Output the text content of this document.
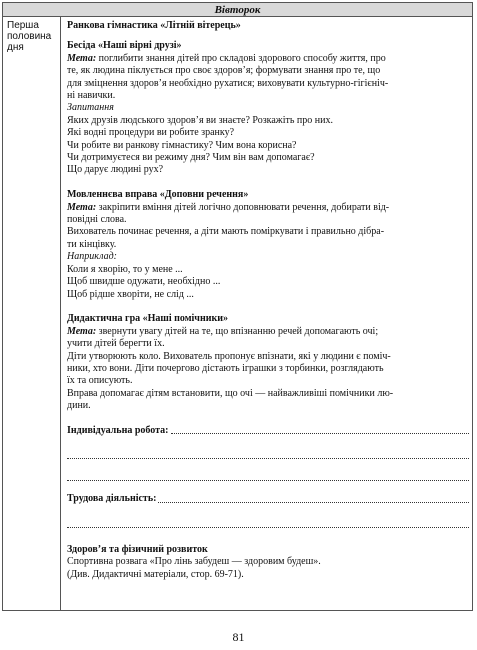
Вівторок
Перша
половина
дня
Ранкова гімнастика «Літній вітерець»
Бесіда «Наші вірні друзі»
Мета: поглибити знання дітей про складові здорового способу життя, про
те, як людина піклується про своє здоров’я; формувати знання про те, що
для зміцнення здоров’я необхідно рухатися; виховувати культурно-гігієніч-
ні навички.
Запитання
Яких друзів людського здоров’я ви знаєте? Розкажіть про них.
Які водні процедури ви робите зранку?
Чи робите ви ранкову гімнастику? Чим вона корисна?
Чи дотримуєтеся ви режиму дня? Чим він вам допомагає?
Що дарує людині рух?
Мовленнєва вправа «Доповни речення»
Мета: закріпити вміння дітей логічно доповнювати речення, добирати від-
повідні слова.
Вихователь починає речення, а діти мають поміркувати і правильно дібра-
ти кінцівку.
Наприклад:
Коли я хворію, то у мене ...
Щоб швидше одужати, необхідно ...
Щоб рідше хворіти, не слід ...
Дидактична гра «Наші помічники»
Мета: звернути увагу дітей на те, що впізнанню речей допомагають очі;
учити дітей берегти їх.
Діти утворюють коло. Вихователь пропонує впізнати, які у людини є поміч-
ники, хто вони. Діти почергово дістають іграшки з торбинки, розглядають
їх та описують.
Вправа допомагає дітям встановити, що очі — найважливіші помічники лю-
дини.
Індивідуальна робота:
Трудова діяльність:
Здоров’я та фізичний розвиток
Спортивна розвага «Про лінь забудеш — здоровим будеш».
(Див. Дидактичні матеріали, стор. 69-71).
81
